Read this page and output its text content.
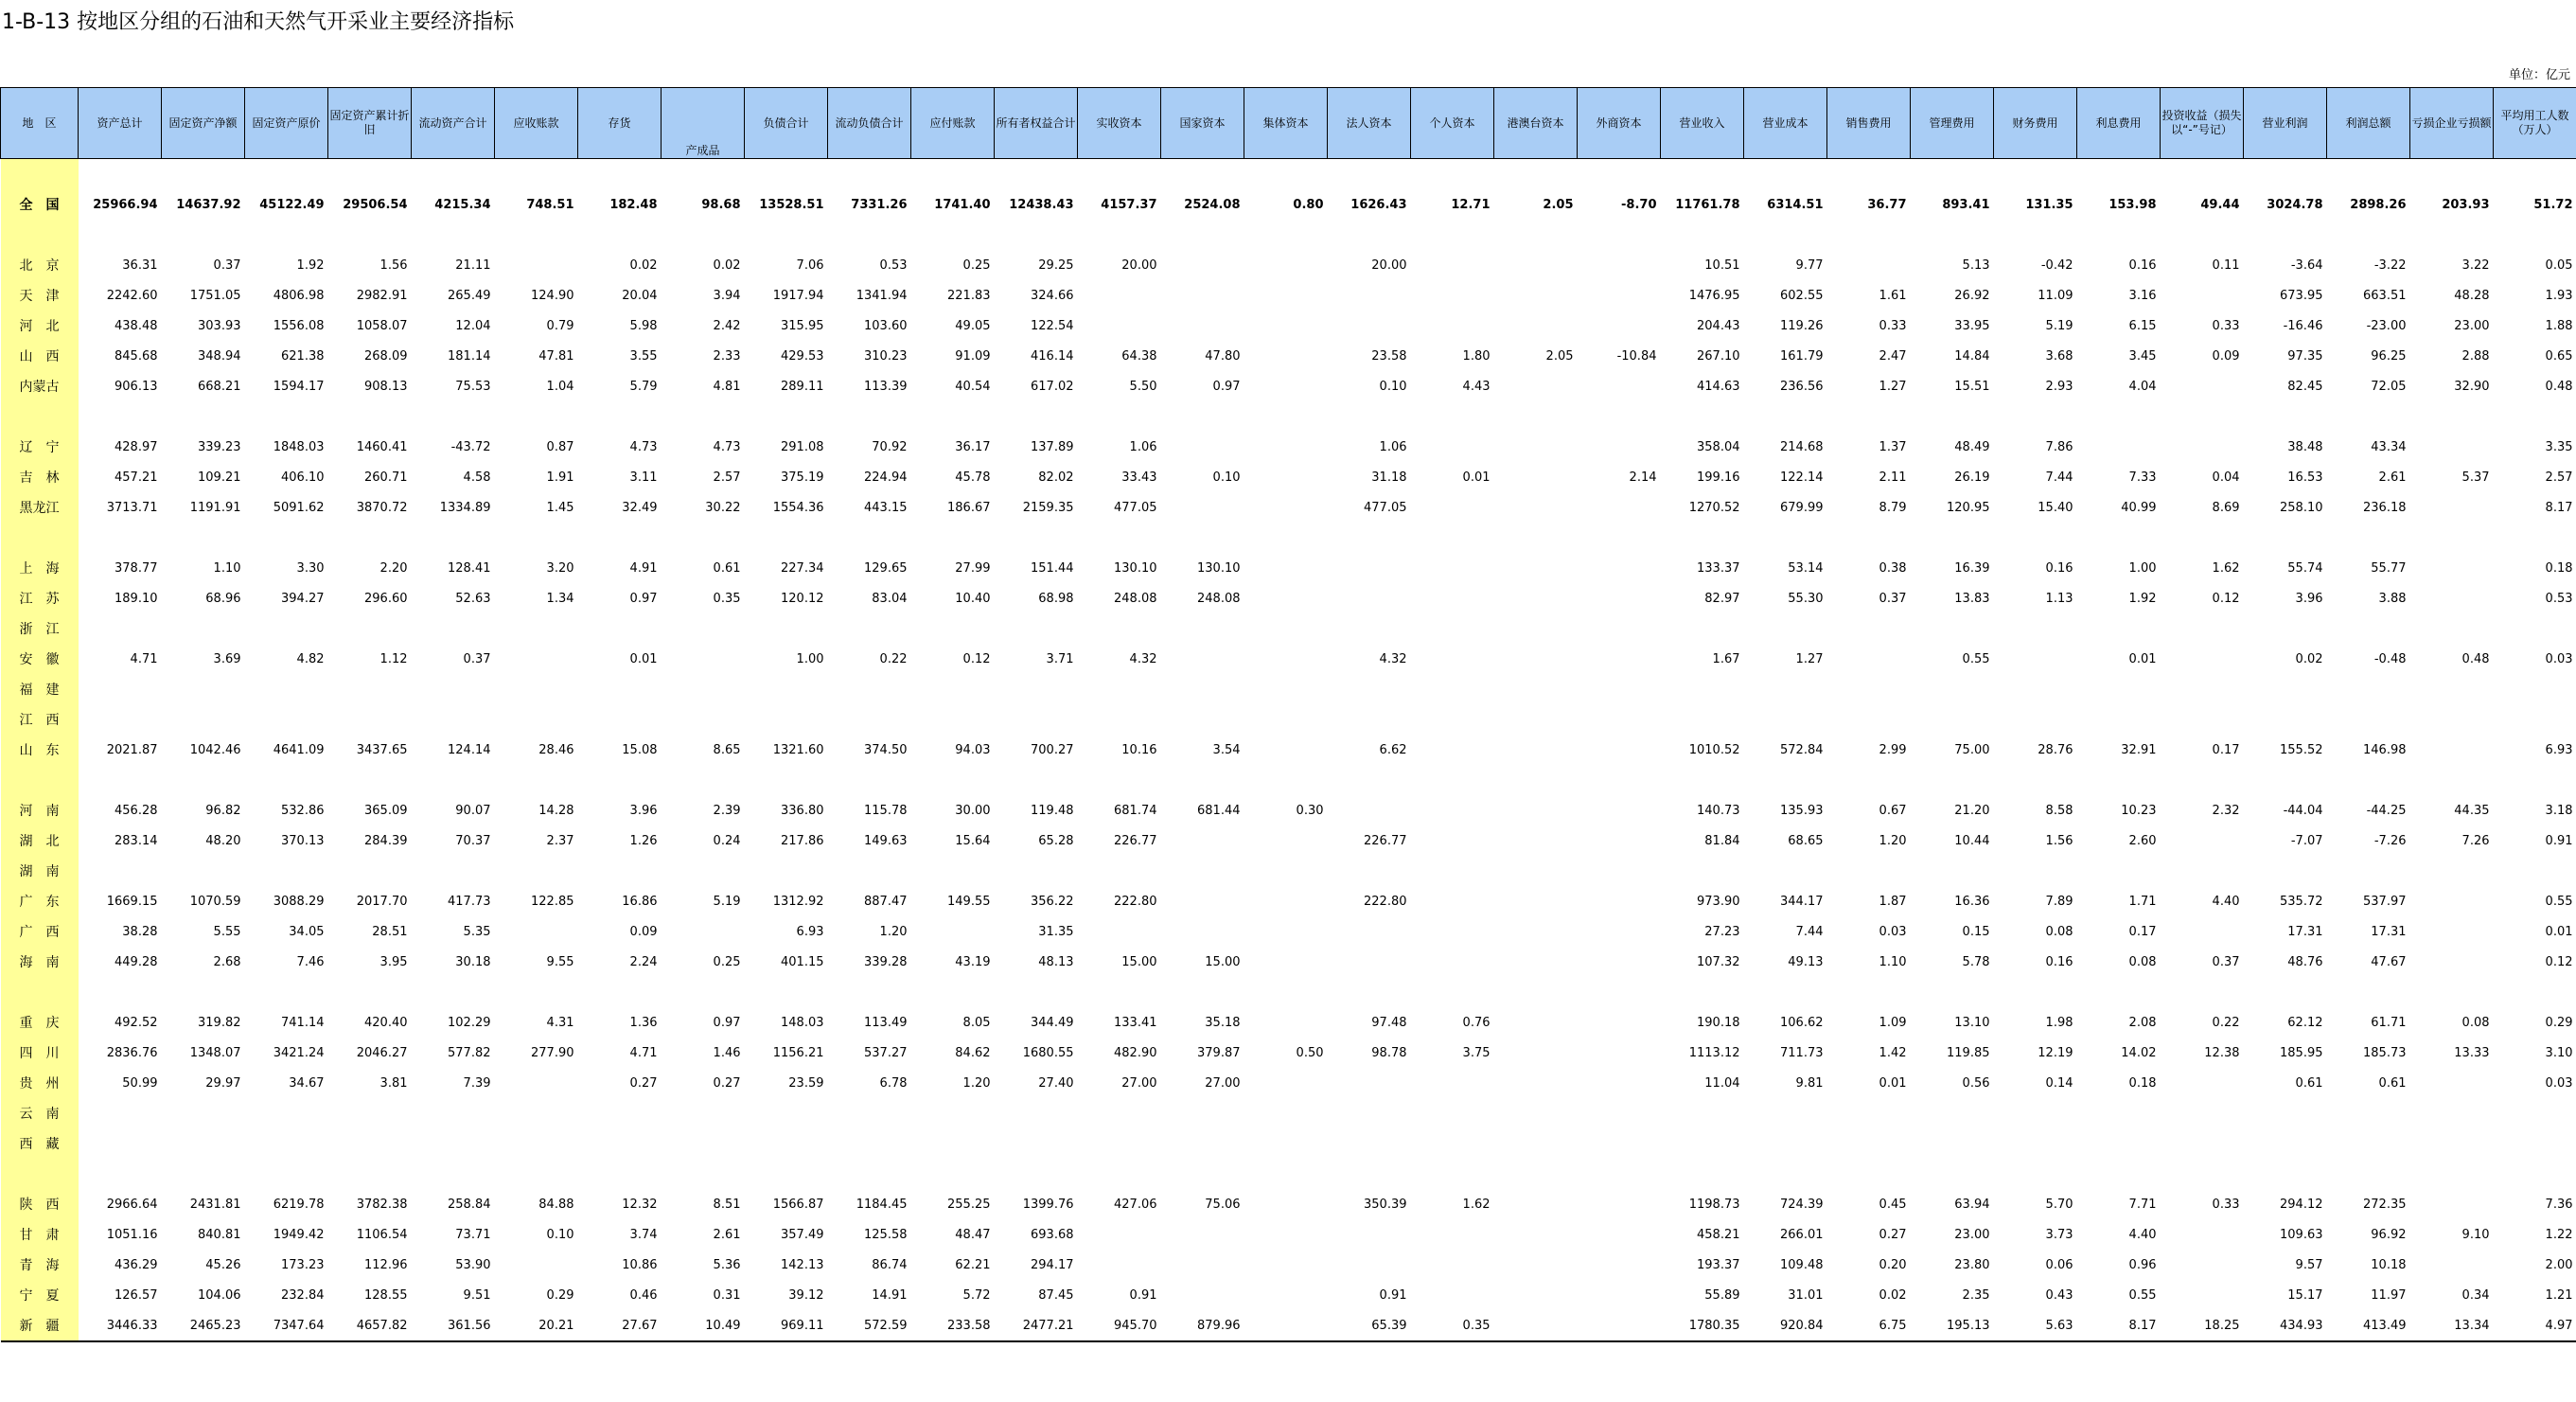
1-B-13 按地区分组的石油和天然气开采业主要经济指标
单位：亿元
地　区	资产总计	固定资产净额	固定资产原价	固定资产累计折旧	流动资产合计	应收账款	存货	产成品	负债合计	流动负债合计	应付账款	所有者权益合计	实收资本	国家资本	集体资本	法人资本	个人资本	港澳台资本	外商资本	营业收入	营业成本	销售费用	管理费用	财务费用	利息费用	投资收益（损失以“-”号记）	营业利润	利润总额	亏损企业亏损额	平均用工人数（万人）

全　国	25966.94	14637.92	45122.49	29506.54	4215.34	748.51	182.48	98.68	13528.51	7331.26	1741.40	12438.43	4157.37	2524.08	0.80	1626.43	12.71	2.05	-8.70	11761.78	6314.51	36.77	893.41	131.35	153.98	49.44	3024.78	2898.26	203.93	51.72
北　京	36.31	0.37	1.92	1.56	21.11		0.02	0.02	7.06	0.53	0.25	29.25	20.00			20.00				10.51	9.77		5.13	-0.42	0.16	0.11	-3.64	-3.22	3.22	0.05
天　津	2242.60	1751.05	4806.98	2982.91	265.49	124.90	20.04	3.94	1917.94	1341.94	221.83	324.66								1476.95	602.55	1.61	26.92	11.09	3.16		673.95	663.51	48.28	1.93
河　北	438.48	303.93	1556.08	1058.07	12.04	0.79	5.98	2.42	315.95	103.60	49.05	122.54								204.43	119.26	0.33	33.95	5.19	6.15	0.33	-16.46	-23.00	23.00	1.88
山　西	845.68	348.94	621.38	268.09	181.14	47.81	3.55	2.33	429.53	310.23	91.09	416.14	64.38	47.80		23.58	1.80	2.05	-10.84	267.10	161.79	2.47	14.84	3.68	3.45	0.09	97.35	96.25	2.88	0.65
内蒙古	906.13	668.21	1594.17	908.13	75.53	1.04	5.79	4.81	289.11	113.39	40.54	617.02	5.50	0.97		0.10	4.43			414.63	236.56	1.27	15.51	2.93	4.04		82.45	72.05	32.90	0.48

辽　宁	428.97	339.23	1848.03	1460.41	-43.72	0.87	4.73	4.73	291.08	70.92	36.17	137.89	1.06			1.06				358.04	214.68	1.37	48.49	7.86			38.48	43.34		3.35
吉　林	457.21	109.21	406.10	260.71	4.58	1.91	3.11	2.57	375.19	224.94	45.78	82.02	33.43	0.10		31.18	0.01		2.14	199.16	122.14	2.11	26.19	7.44	7.33	0.04	16.53	2.61	5.37	2.57
黑龙江	3713.71	1191.91	5091.62	3870.72	1334.89	1.45	32.49	30.22	1554.36	443.15	186.67	2159.35	477.05			477.05				1270.52	679.99	8.79	120.95	15.40	40.99	8.69	258.10	236.18		8.17

上　海	378.77	1.10	3.30	2.20	128.41	3.20	4.91	0.61	227.34	129.65	27.99	151.44	130.10	130.10						133.37	53.14	0.38	16.39	0.16	1.00	1.62	55.74	55.77		0.18
江　苏	189.10	68.96	394.27	296.60	52.63	1.34	0.97	0.35	120.12	83.04	10.40	68.98	248.08	248.08						82.97	55.30	0.37	13.83	1.13	1.92	0.12	3.96	3.88		0.53
浙　江																														
安　徽	4.71	3.69	4.82	1.12	0.37		0.01		1.00	0.22	0.12	3.71	4.32			4.32				1.67	1.27		0.55		0.01		0.02	-0.48	0.48	0.03
福　建																														
江　西																														
山　东	2021.87	1042.46	4641.09	3437.65	124.14	28.46	15.08	8.65	1321.60	374.50	94.03	700.27	10.16	3.54		6.62				1010.52	572.84	2.99	75.00	28.76	32.91	0.17	155.52	146.98		6.93

河　南	456.28	96.82	532.86	365.09	90.07	14.28	3.96	2.39	336.80	115.78	30.00	119.48	681.74	681.44	0.30					140.73	135.93	0.67	21.20	8.58	10.23	2.32	-44.04	-44.25	44.35	3.18
湖　北	283.14	48.20	370.13	284.39	70.37	2.37	1.26	0.24	217.86	149.63	15.64	65.28	226.77			226.77				81.84	68.65	1.20	10.44	1.56	2.60		-7.07	-7.26	7.26	0.91
湖　南																														
广　东	1669.15	1070.59	3088.29	2017.70	417.73	122.85	16.86	5.19	1312.92	887.47	149.55	356.22	222.80			222.80				973.90	344.17	1.87	16.36	7.89	1.71	4.40	535.72	537.97		0.55
广　西	38.28	5.55	34.05	28.51	5.35		0.09		6.93	1.20		31.35								27.23	7.44	0.03	0.15	0.08	0.17		17.31	17.31		0.01
海　南	449.28	2.68	7.46	3.95	30.18	9.55	2.24	0.25	401.15	339.28	43.19	48.13	15.00	15.00						107.32	49.13	1.10	5.78	0.16	0.08	0.37	48.76	47.67		0.12

重　庆	492.52	319.82	741.14	420.40	102.29	4.31	1.36	0.97	148.03	113.49	8.05	344.49	133.41	35.18		97.48	0.76			190.18	106.62	1.09	13.10	1.98	2.08	0.22	62.12	61.71	0.08	0.29
四　川	2836.76	1348.07	3421.24	2046.27	577.82	277.90	4.71	1.46	1156.21	537.27	84.62	1680.55	482.90	379.87	0.50	98.78	3.75			1113.12	711.73	1.42	119.85	12.19	14.02	12.38	185.95	185.73	13.33	3.10
贵　州	50.99	29.97	34.67	3.81	7.39		0.27	0.27	23.59	6.78	1.20	27.40	27.00	27.00						11.04	9.81	0.01	0.56	0.14	0.18		0.61	0.61		0.03
云　南																														
西　藏																														

陕　西	2966.64	2431.81	6219.78	3782.38	258.84	84.88	12.32	8.51	1566.87	1184.45	255.25	1399.76	427.06	75.06		350.39	1.62			1198.73	724.39	0.45	63.94	5.70	7.71	0.33	294.12	272.35		7.36
甘　肃	1051.16	840.81	1949.42	1106.54	73.71	0.10	3.74	2.61	357.49	125.58	48.47	693.68								458.21	266.01	0.27	23.00	3.73	4.40		109.63	96.92	9.10	1.22
青　海	436.29	45.26	173.23	112.96	53.90		10.86	5.36	142.13	86.74	62.21	294.17								193.37	109.48	0.20	23.80	0.06	0.96		9.57	10.18		2.00
宁　夏	126.57	104.06	232.84	128.55	9.51	0.29	0.46	0.31	39.12	14.91	5.72	87.45	0.91			0.91				55.89	31.01	0.02	2.35	0.43	0.55		15.17	11.97	0.34	1.21
新　疆	3446.33	2465.23	7347.64	4657.82	361.56	20.21	27.67	10.49	969.11	572.59	233.58	2477.21	945.70	879.96		65.39	0.35			1780.35	920.84	6.75	195.13	5.63	8.17	18.25	434.93	413.49	13.34	4.97
